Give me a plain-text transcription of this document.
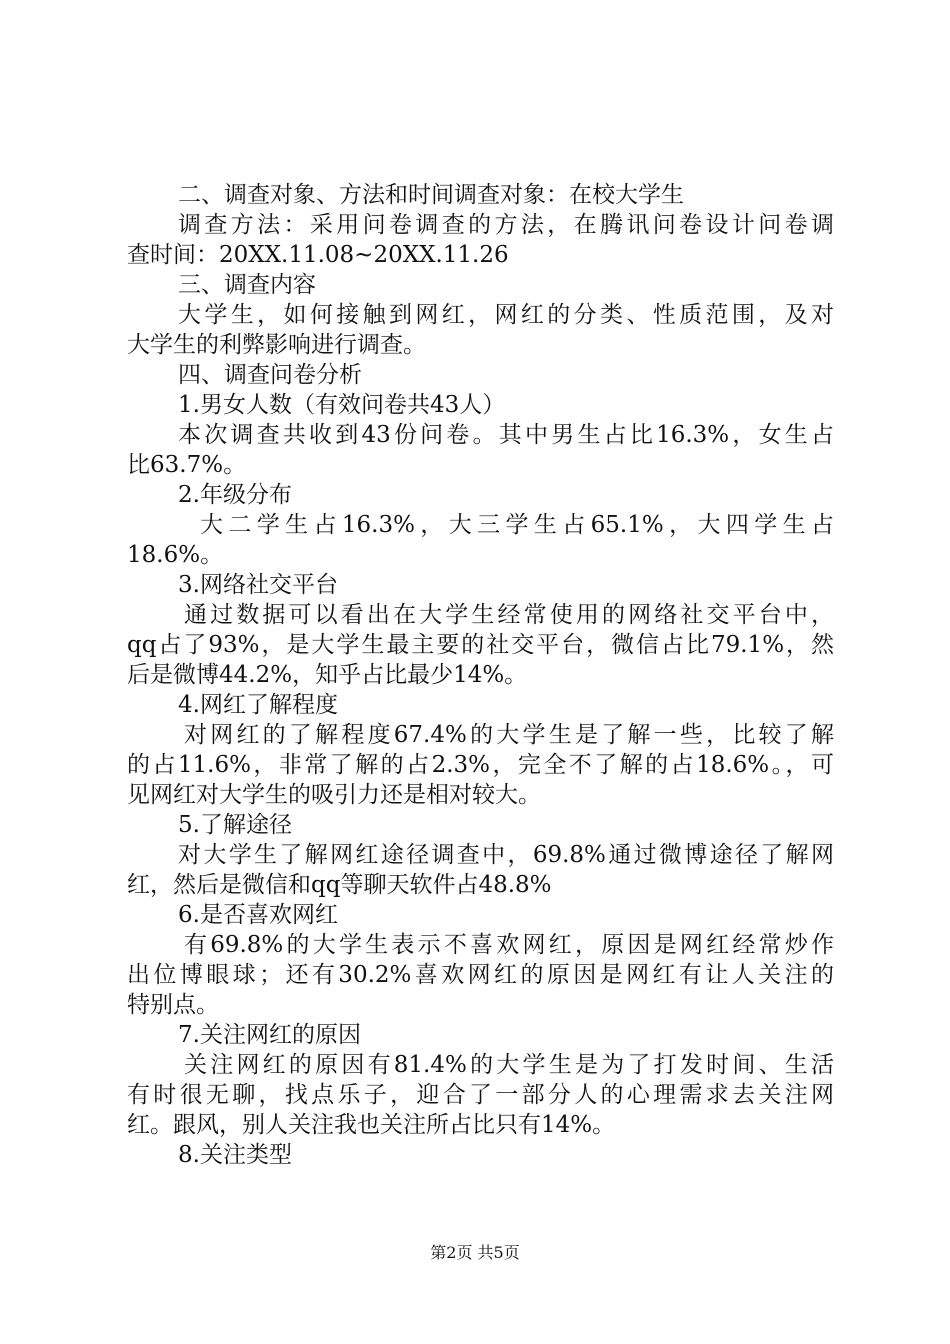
二、调查对象、方法和时间调查对象：在校大学生
调查方法：采用问卷调查的方法，在腾讯问卷设计问卷调
查时间：20XX.11.08~20XX.11.26
三、调查内容
大学生，如何接触到网红，网红的分类、性质范围，及对
大学生的利弊影响进行调查。
四、调查问卷分析
1.男女人数（有效问卷共43人）
本次调查共收到43份问卷。其中男生占比16.3%，女生占
比63.7%。
2.年级分布
大二学生占16.3%，大三学生占65.1%，大四学生占
18.6%。
3.网络社交平台
通过数据可以看出在大学生经常使用的网络社交平台中，
qq占了93%，是大学生最主要的社交平台，微信占比79.1%，然
后是微博44.2%，知乎占比最少14%。
4.网红了解程度
对网红的了解程度67.4%的大学生是了解一些，比较了解
的占11.6%，非常了解的占2.3%，完全不了解的占18.6%。，可
见网红对大学生的吸引力还是相对较大。
5.了解途径
对大学生了解网红途径调查中，69.8%通过微博途径了解网
红，然后是微信和qq等聊天软件占48.8%
6.是否喜欢网红
有69.8%的大学生表示不喜欢网红，原因是网红经常炒作
出位博眼球；还有30.2%喜欢网红的原因是网红有让人关注的
特别点。
7.关注网红的原因
关注网红的原因有81.4%的大学生是为了打发时间、生活
有时很无聊，找点乐子，迎合了一部分人的心理需求去关注网
红。跟风，别人关注我也关注所占比只有14%。
8.关注类型
第2页 共5页
